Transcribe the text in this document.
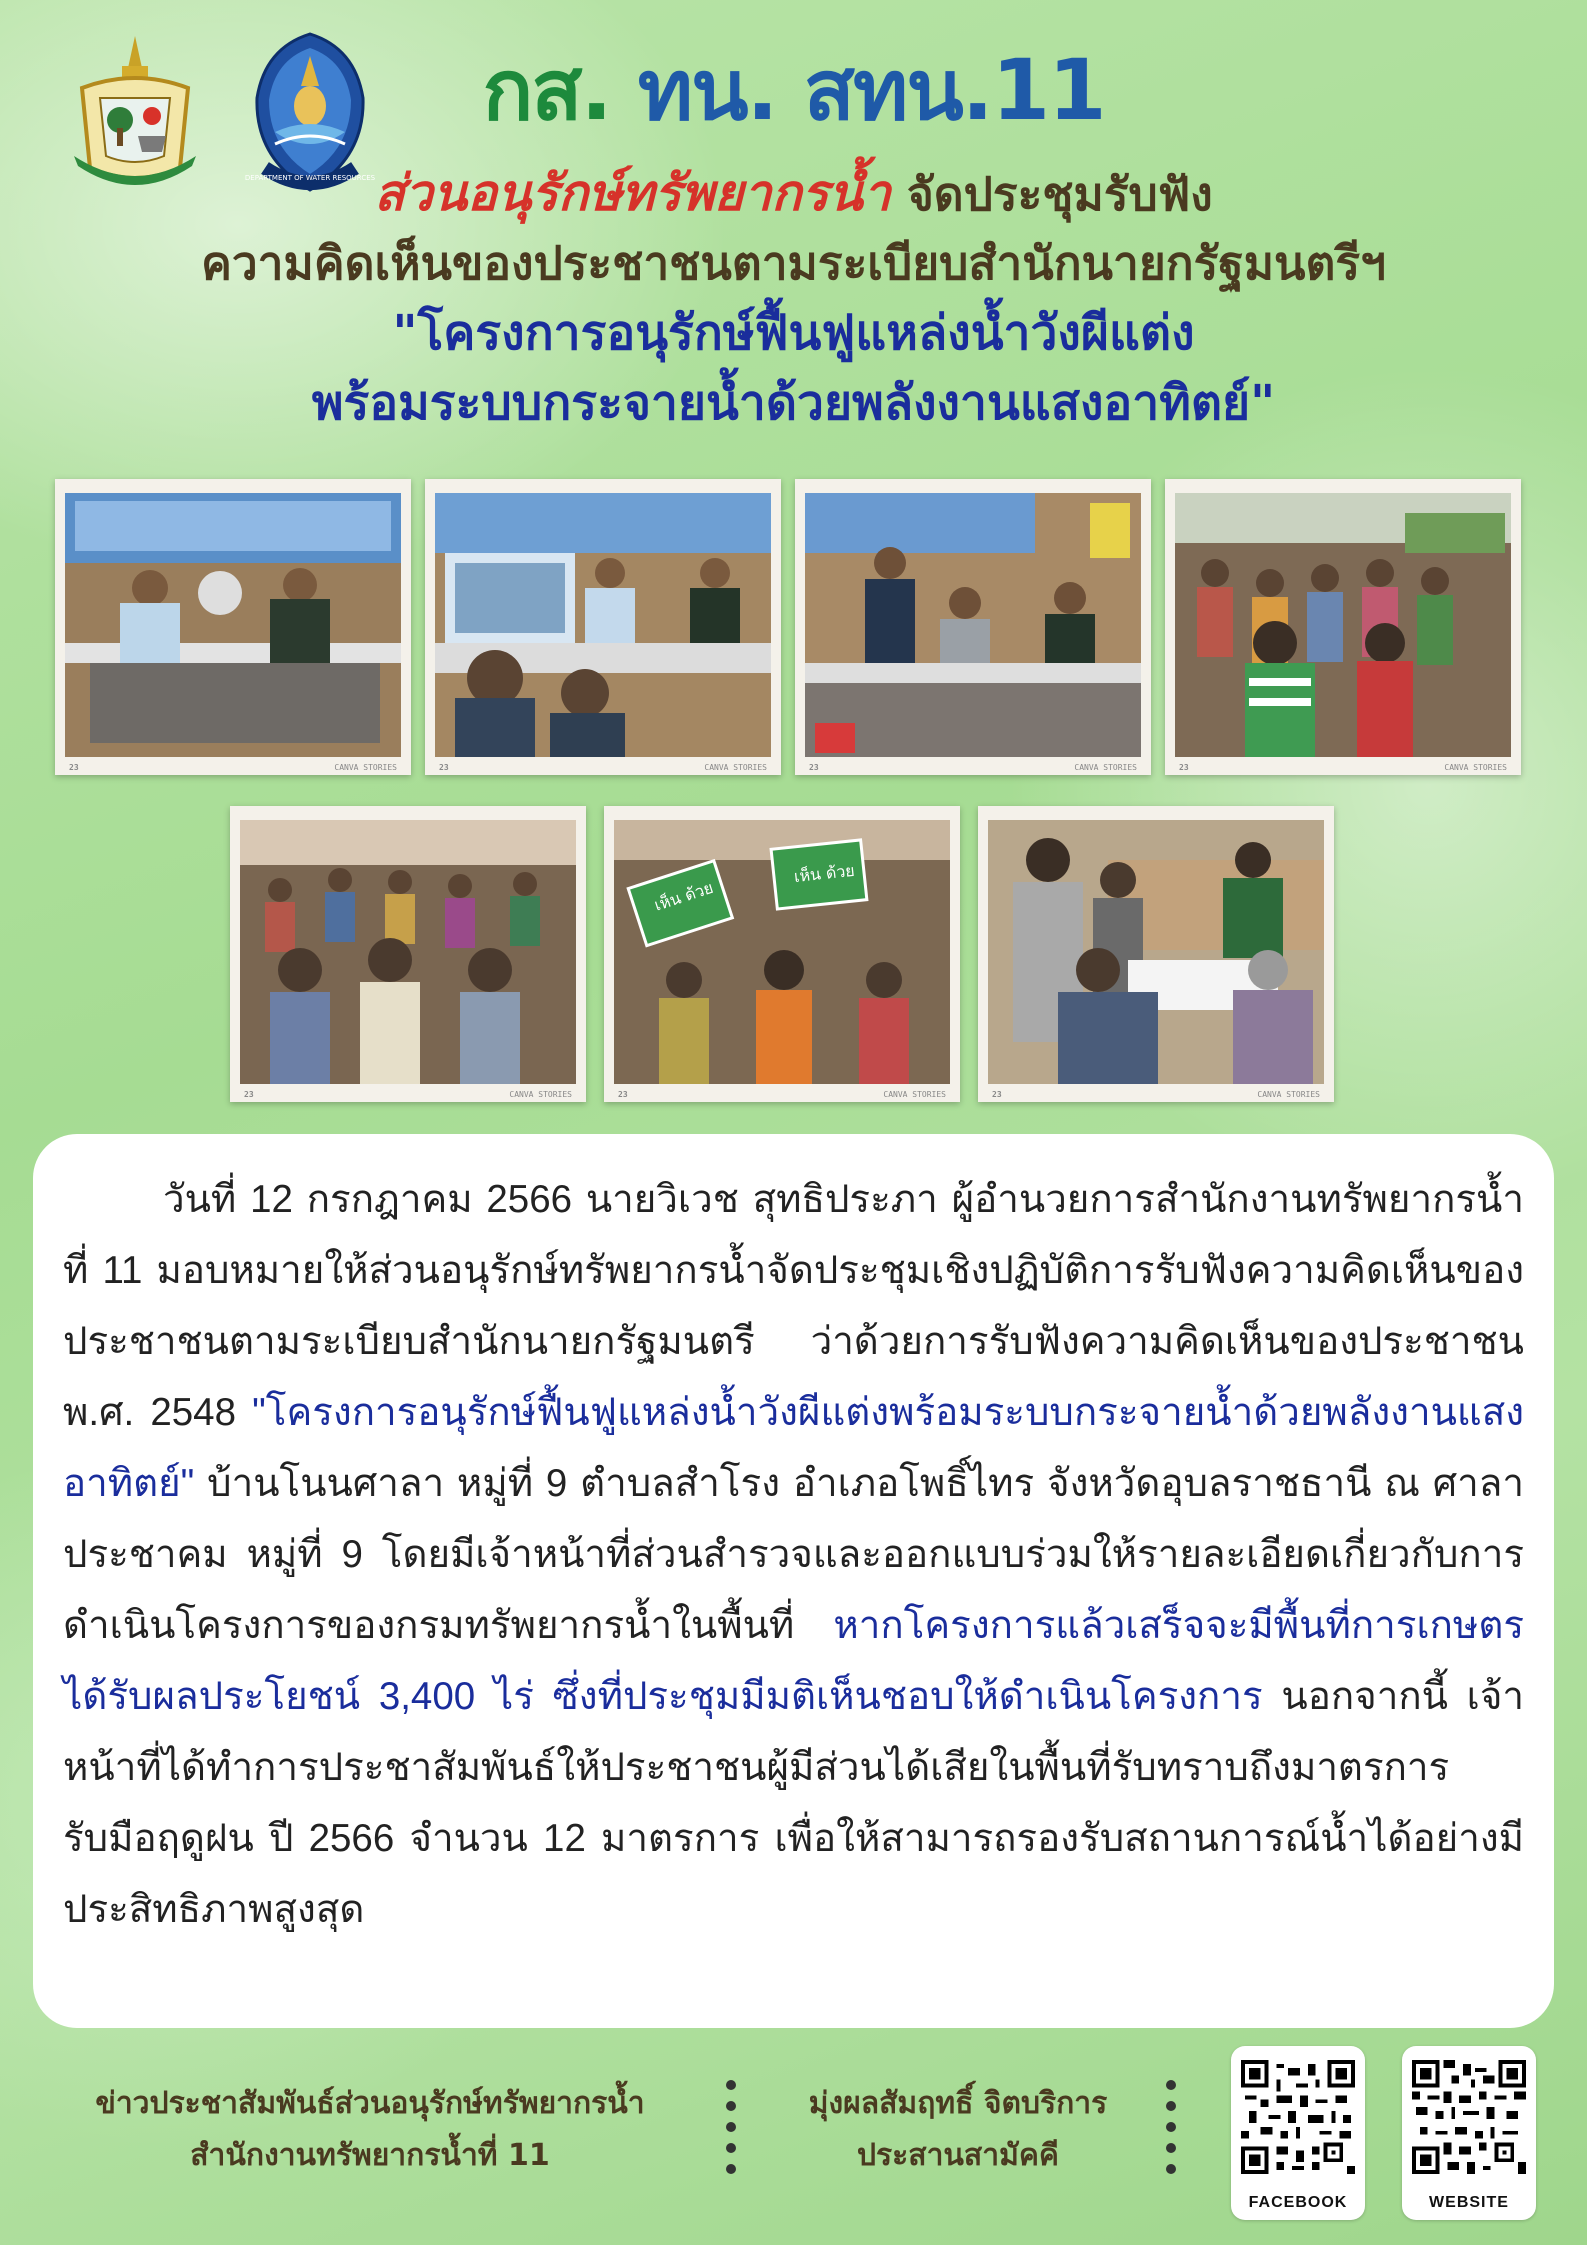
DEPARTMENT OF WATER RESOURCES
กส. ทน. สทน.11
ส่วนอนุรักษ์ทรัพยากรน้ำ จัดประชุมรับฟัง
ความคิดเห็นของประชาชนตามระเบียบสำนักนายกรัฐมนตรีฯ
"โครงการอนุรักษ์ฟื้นฟูแหล่งน้ำวังผีแต่ง
พร้อมระบบกระจายน้ำด้วยพลังงานแสงอาทิตย์"
CANVA STORIES
23	CANVA STORIES
23	CANVA STORIES
23	CANVA STORIES
23
CANVA STORIES
23
เห็น ด้วย
เห็น ด้วย
CANVA STORIES
23	CANVA STORIES
23
วันที่ 12 กรกฎาคม 2566 นายวิเวช สุทธิประภา ผู้อำนวยการสำนักงานทรัพยากรน้ำที่ 11 มอบหมายให้ส่วนอนุรักษ์ทรัพยากรน้ำจัดประชุมเชิงปฏิบัติการรับฟังความคิดเห็นของประชาชนตามระเบียบสำนักนายกรัฐมนตรี ว่าด้วยการรับฟังความคิดเห็นของประชาชน พ.ศ. 2548 "โครงการอนุรักษ์ฟื้นฟูแหล่งน้ำวังผีแต่งพร้อมระบบกระจายน้ำด้วยพลังงานแสงอาทิตย์" บ้านโนนศาลา หมู่ที่ 9 ตำบลสำโรง อำเภอโพธิ์ไทร จังหวัดอุบลราชธานี ณ ศาลาประชาคม หมู่ที่ 9 โดยมีเจ้าหน้าที่ส่วนสำรวจและออกแบบร่วมให้รายละเอียดเกี่ยวกับการดำเนินโครงการของกรมทรัพยากรน้ำในพื้นที่ หากโครงการแล้วเสร็จจะมีพื้นที่การเกษตรได้รับผลประโยชน์ 3,400 ไร่ ซึ่งที่ประชุมมีมติเห็นชอบให้ดำเนินโครงการ นอกจากนี้ เจ้าหน้าที่ได้ทำการประชาสัมพันธ์ให้ประชาชนผู้มีส่วนได้เสียในพื้นที่รับทราบถึงมาตรการรับมือฤดูฝน ปี 2566 จำนวน 12 มาตรการ เพื่อให้สามารถรองรับสถานการณ์น้ำได้อย่างมีประสิทธิภาพสูงสุด
ข่าวประชาสัมพันธ์ส่วนอนุรักษ์ทรัพยากรน้ำ
สำนักงานทรัพยากรน้ำที่ 11
มุ่งผลสัมฤทธิ์ จิตบริการ
ประสานสามัคคี
FACEBOOK	WEBSITE
